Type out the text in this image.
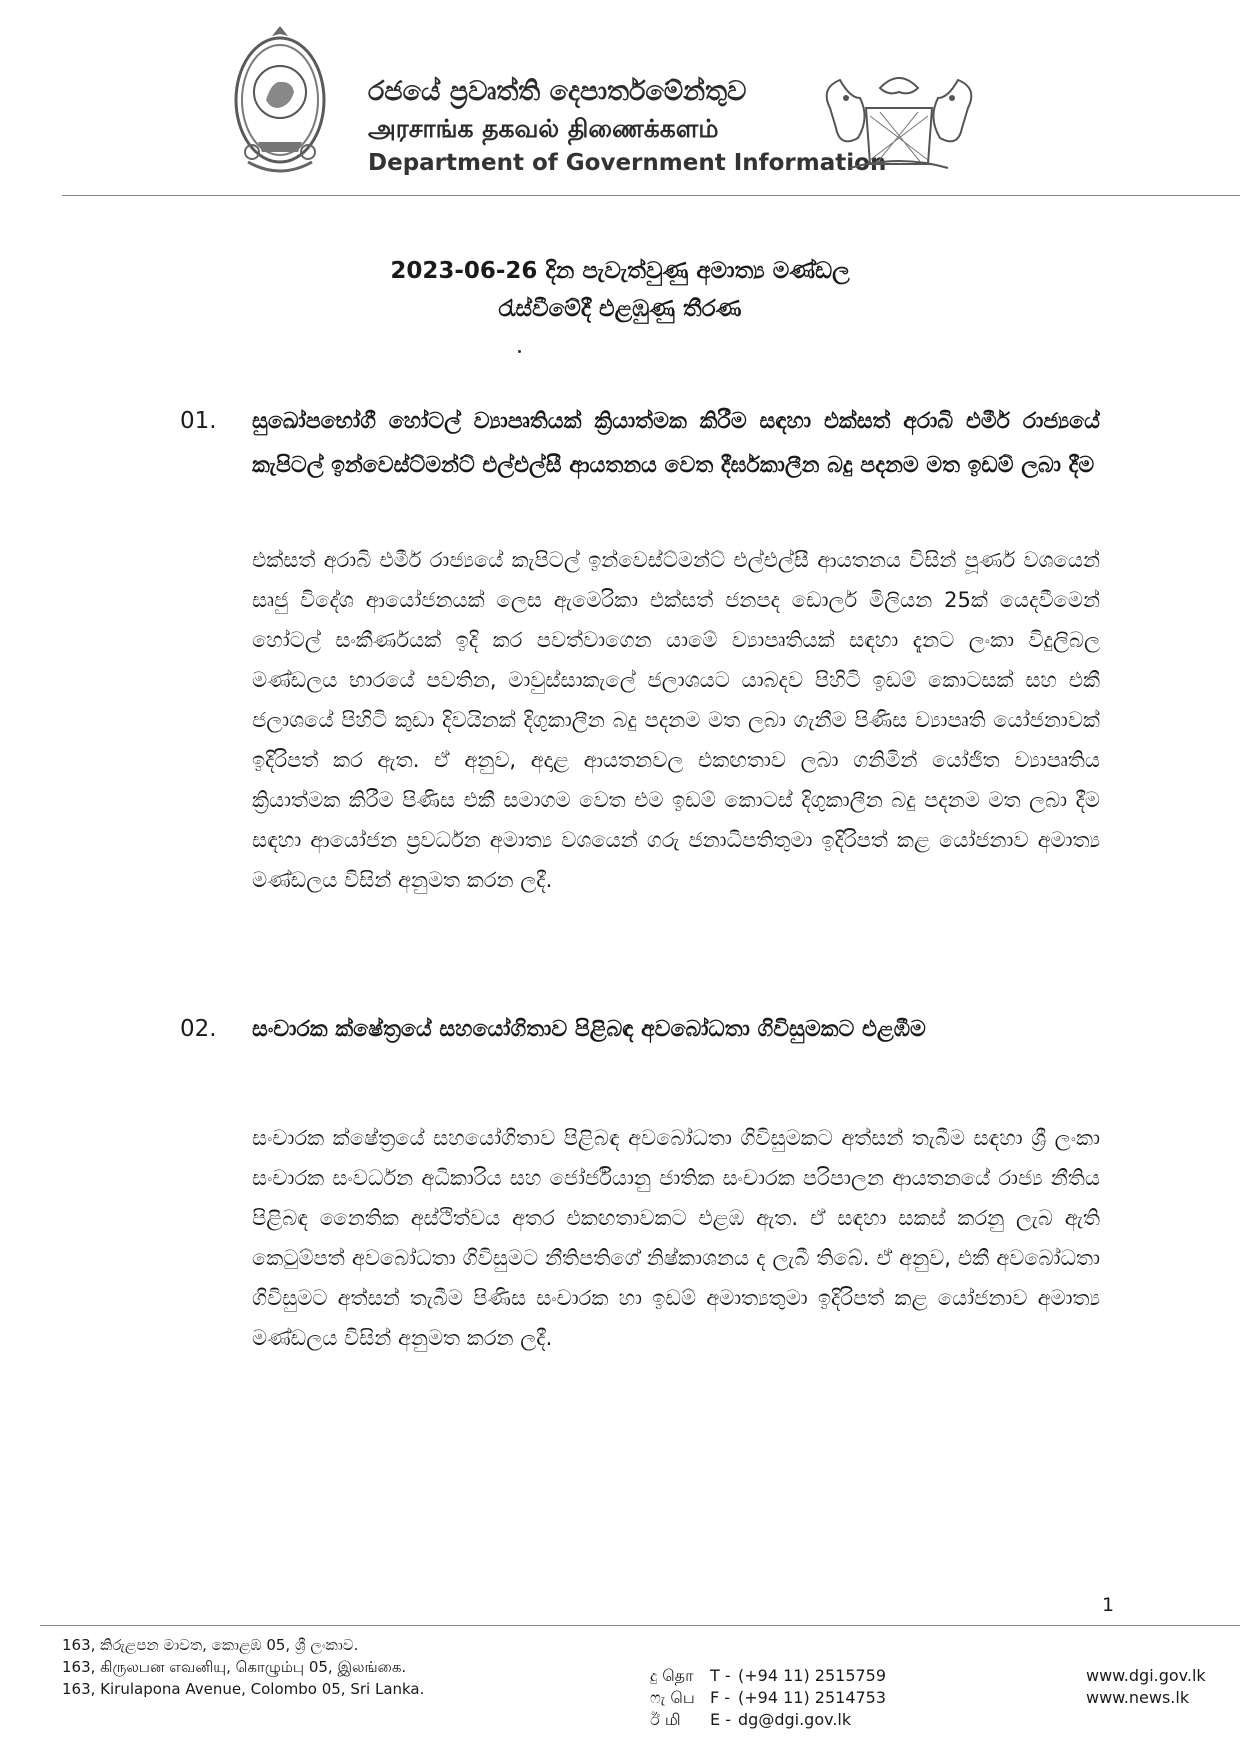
රජයේ ප්‍රවෘත්ති දෙපාර්තමේන්තුව
அரசாங்க தகவல் திணைக்களம்
Department of Government Information
2023-06-26 දින පැවැත්වුණු අමාත්‍ය මණ්ඩල
රැස්වීමේදී එළඹුණු තීරණ
01. සුඛෝපභෝගී හෝටල් ව්‍යාපෘතියක් ක්‍රියාත්මක කිරීම සඳහා එක්සත් අරාබි එමීර් රාජ්‍යයේ කැපිටල් ඉන්වෙස්ට්මන්ට් එල්එල්සී ආයතනය වෙත දීර්ඝකාලීන බදු පදනම මත ඉඩම් ලබා දීම
එක්සත් අරාබි එමීර් රාජ්‍යයේ කැපිටල් ඉන්වෙස්ට්මන්ට් එල්එල්සී ආයතනය විසින් පූර්ණ වශයෙන් සෘජු විදේශ ආයෝජනයක් ලෙස ඇමෙරිකා එක්සත් ජනපද ඩොලර් මිලියන 25ක් යෙදවීමෙන් හෝටල් සංකීර්ණයක් ඉදි කර පවත්වාගෙන යාමේ ව්‍යාපෘතියක් සඳහා දැනට ලංකා විදුලිබල මණ්ඩලය භාරයේ පවතින, මාවුස්සාකැලේ ජලාශයට යාබදව පිහිටි ඉඩම් කොටසක් සහ එකී ජලාශයේ පිහිටි කුඩා දිවයිනක් දිගුකාලීන බදු පදනම මත ලබා ගැනීම පිණිස ව්‍යාපෘති යෝජනාවක් ඉදිරිපත් කර ඇත. ඒ අනුව, අදාළ ආයතනවල එකඟතාව ලබා ගනිමින් යෝජිත ව්‍යාපෘතිය ක්‍රියාත්මක කිරීම පිණිස එකී සමාගම වෙත එම ඉඩම් කොටස් දිගුකාලීන බදු පදනම මත ලබා දීම සඳහා ආයෝජන ප්‍රවර්ධන අමාත්‍ය වශයෙන් ගරු ජනාධිපතිතුමා ඉදිරිපත් කළ යෝජනාව අමාත්‍ය මණ්ඩලය විසින් අනුමත කරන ලදී.
02. සංචාරක ක්ෂේත්‍රයේ සහයෝගිතාව පිළිබඳ අවබෝධතා ගිවිසුමකට එළඹීම
සංචාරක ක්ෂේත්‍රයේ සහයෝගිතාව පිළිබඳ අවබෝධතා ගිවිසුමකට අත්සන් තැබීම සඳහා ශ්‍රී ලංකා සංචාරක සංවර්ධන අධිකාරිය සහ ජෝර්ජියානු ජාතික සංචාරක පරිපාලන ආයතනයේ රාජ්‍ය නීතිය පිළිබඳ නෛතික අස්ථිත්වය අතර එකඟතාවකට එළඹ ඇත. ඒ සඳහා සකස් කරනු ලැබ ඇති කෙටුම්පත් අවබෝධතා ගිවිසුමට නීතිපතිගේ නිෂ්කාශනය ද ලැබී තිබේ. ඒ අනුව, එකී අවබෝධතා ගිවිසුමට අත්සන් තැබීම පිණිස සංචාරක හා ඉඩම් අමාත්‍යතුමා ඉදිරිපත් කළ යෝජනාව අමාත්‍ය මණ්ඩලය විසින් අනුමත කරන ලදී.
1
163, කිරුළපන මාවත, කොළඹ 05, ශ්‍රී ලංකාව.
163, கிருலபன எவனியு, கொழும்பு 05, இலங்கை.
163, Kirulapona Avenue, Colombo 05, Sri Lanka.
දු தொ T - (+94 11) 2515759
ෆැ பெ F - (+94 11) 2514753
ඊ மி E - dg@dgi.gov.lk
www.dgi.gov.lk
www.news.lk
